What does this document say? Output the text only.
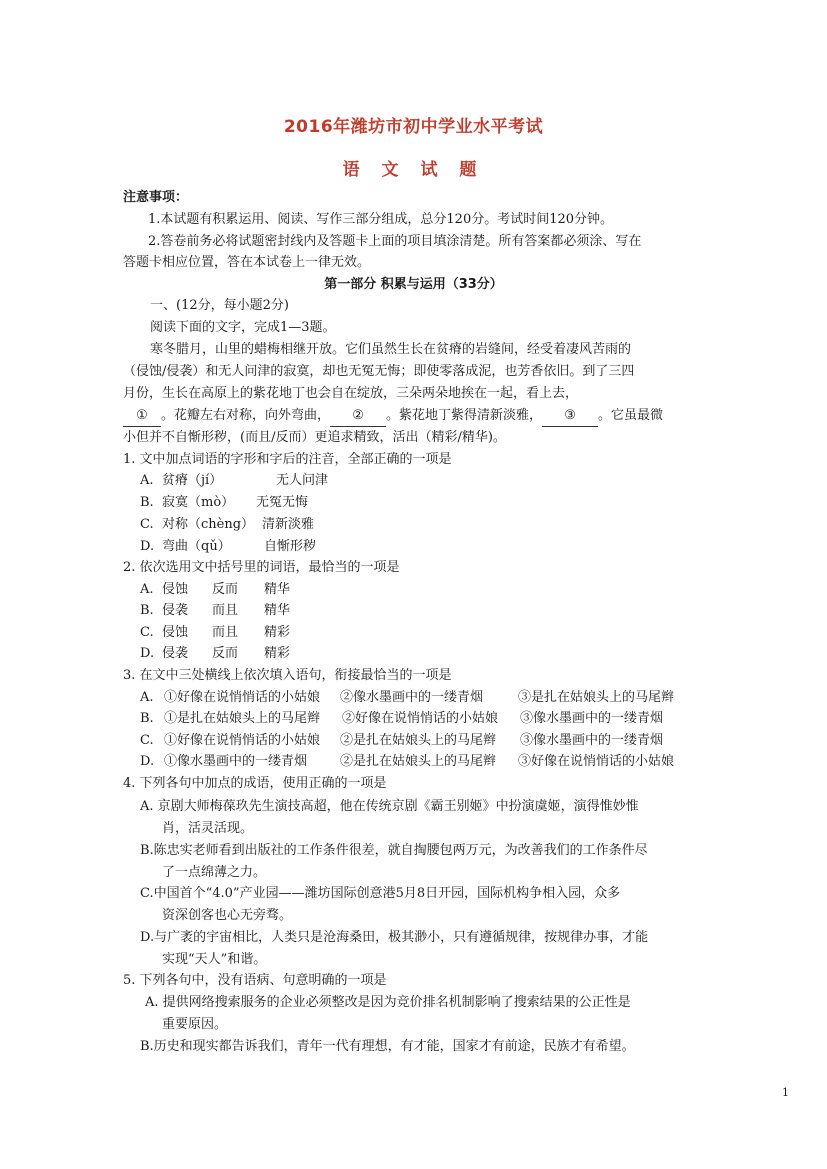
2016年潍坊市初中学业水平考试
语 文 试 题
注意事项：
1.本试题有积累运用、阅读、写作三部分组成，总分120分。考试时间120分钟。
2.答卷前务必将试题密封线内及答题卡上面的项目填涂清楚。所有答案都必须涂、写在
答题卡相应位置，答在本试卷上一律无效。
第一部分 积累与运用（33分）
一、(12分，每小题2分)
阅读下面的文字，完成1—3题。
寒冬腊月，山里的蜡梅相继开放。它们虽然生长在贫瘠的岩缝间，经受着凄风苦雨的
（侵蚀/侵袭）和无人问津的寂寞，却也无冤无悔；即使零落成泥，也芳香依旧。到了三四
月份，生长在高原上的紫花地丁也会自在绽放，三朵两朵地挨在一起，看上去，
① 。花瓣左右对称，向外弯曲， ② 。紫花地丁紫得清新淡雅， ③ 。它虽最微
小但并不自惭形秽，(而且/反而）更追求精致，活出（精彩/精华)。
1. 文中加点词语的字形和字后的注音，全部正确的一项是
A. 贫瘠（jí）	无人问津
B. 寂寞（mò） 无冤无悔
C. 对称（chèng） 清新淡雅
D. 弯曲（qǔ）	自惭形秽
2. 依次选用文中括号里的词语，最恰当的一项是
A. 侵蚀 反而 精华
B. 侵袭 而且 精华
C. 侵蚀 而且 精彩
D. 侵袭 反而 精彩
3. 在文中三处横线上依次填入语句，衔接最恰当的一项是
A. ①好像在说悄悄话的小姑娘 ②像水墨画中的一缕青烟	③是扎在姑娘头上的马尾辫
B. ①是扎在姑娘头上的马尾辫 ②好像在说悄悄话的小姑娘 ③像水墨画中的一缕青烟
C. ①好像在说悄悄话的小姑娘 ②是扎在姑娘头上的马尾辫 ③像水墨画中的一缕青烟
D. ①像水墨画中的一缕青烟	②是扎在姑娘头上的马尾辫 ③好像在说悄悄话的小姑娘
4. 下列各句中加点的成语，使用正确的一项是
A. 京剧大师梅葆玖先生演技高超，他在传统京剧《霸王别姬》中扮演虞姬，演得惟妙惟
肖，活灵活现。
B.陈忠实老师看到出版社的工作条件很差，就自掏腰包两万元，为改善我们的工作条件尽
了一点绵薄之力。
C.中国首个“4.0”产业园——潍坊国际创意港5月8日开园，国际机构争相入园，众多
资深创客也心无旁骛。
D.与广袤的宇宙相比，人类只是沧海桑田，极其渺小，只有遵循规律，按规律办事，才能
实现“天人”和谐。
5. 下列各句中，没有语病、句意明确的一项是
A. 提供网络搜索服务的企业必须整改是因为竞价排名机制影响了搜索结果的公正性是
重要原因。
B.历史和现实都告诉我们，青年一代有理想，有才能，国家才有前途，民族才有希望。
1
